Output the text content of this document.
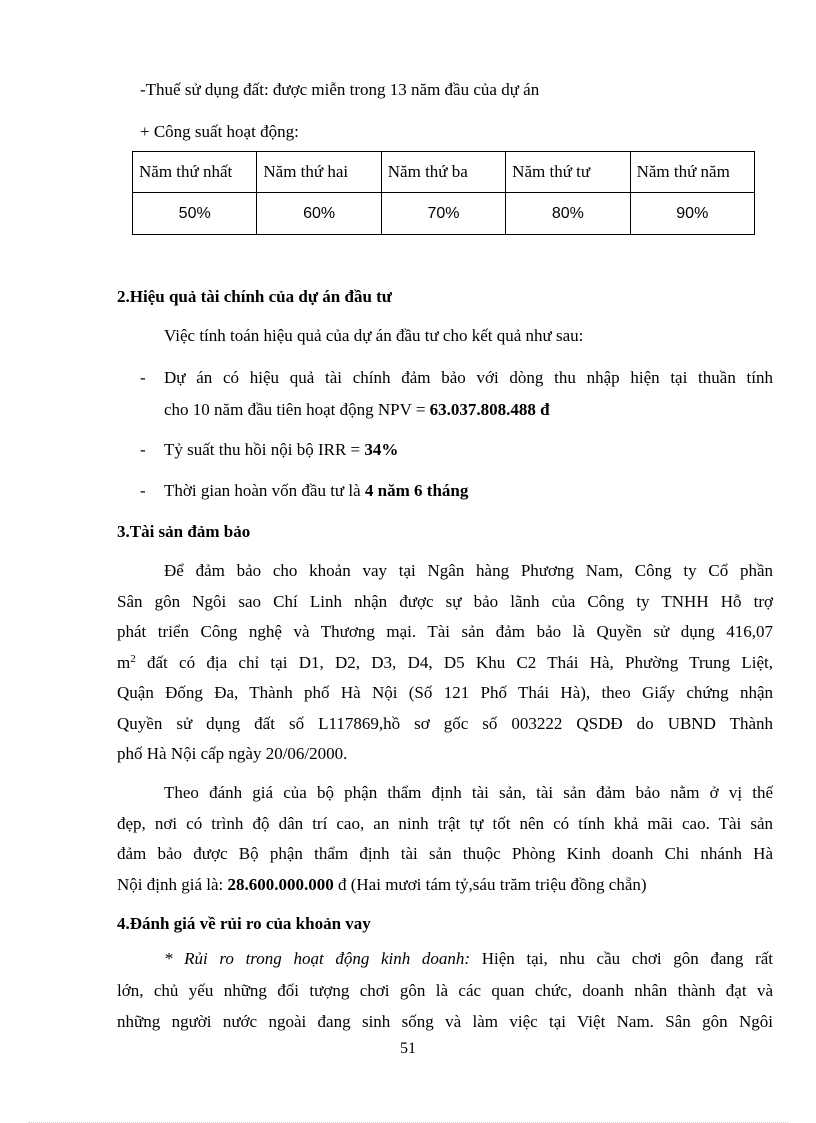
-Thuế sử dụng đất: được miễn trong 13 năm đầu của dự án
+ Công suất hoạt động:
Năm thứ nhất	Năm thứ hai	Năm thứ ba	Năm thứ tư	Năm thứ năm
50%	60%	70%	80%	90%
2.Hiệu quả tài chính của dự án đầu tư
Việc tính toán hiệu quả của dự án đầu tư cho kết quả như sau:
- Dự án có hiệu quả tài chính đảm bảo với dòng thu nhập hiện tại thuần tính
cho 10 năm đầu tiên hoạt động NPV = 63.037.808.488 đ
- Tỷ suất thu hồi nội bộ IRR = 34%
- Thời gian hoàn vốn đầu tư là 4 năm 6 tháng
3.Tài sản đảm bảo
Để đảm bảo cho khoản vay tại Ngân hàng Phương Nam, Công ty Cổ phần
Sân gôn Ngôi sao Chí Linh nhận được sự bảo lãnh của Công ty TNHH Hỗ trợ
phát triển Công nghệ và Thương mại. Tài sản đảm bảo là Quyền sử dụng 416,07
$m^2$ đất có địa chỉ tại D1, D2, D3, D4, D5 Khu C2 Thái Hà, Phường Trung Liệt,
Quận Đống Đa, Thành phố Hà Nội (Số 121 Phố Thái Hà), theo Giấy chứng nhận
Quyền sử dụng đất số L117869,hồ sơ gốc số 003222 QSDĐ do UBND Thành
phố Hà Nội cấp ngày 20/06/2000.
Theo đánh giá của bộ phận thẩm định tài sản, tài sản đảm bảo nằm ở vị thế
đẹp, nơi có trình độ dân trí cao, an ninh trật tự tốt nên có tính khả mãi cao. Tài sản
đảm bảo được Bộ phận thẩm định tài sản thuộc Phòng Kinh doanh Chi nhánh Hà
Nội định giá là: 28.600.000.000 đ (Hai mươi tám tỷ,sáu trăm triệu đồng chẵn)
4.Đánh giá về rủi ro của khoản vay
* Rủi ro trong hoạt động kinh doanh: Hiện tại, nhu cầu chơi gôn đang rất
lớn, chủ yếu những đối tượng chơi gôn là các quan chức, doanh nhân thành đạt và
những người nước ngoài đang sinh sống và làm việc tại Việt Nam. Sân gôn Ngôi
51
